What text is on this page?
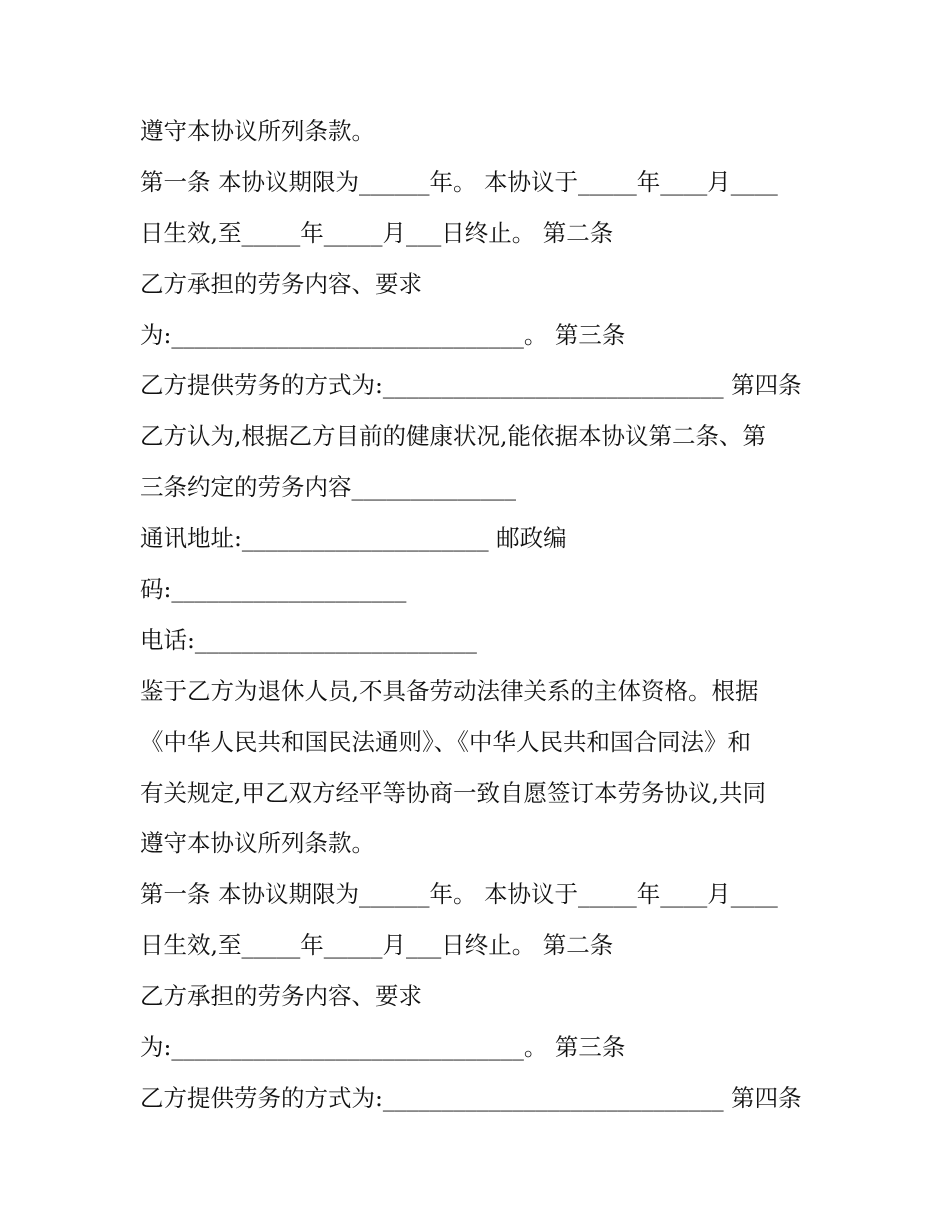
遵守本协议所列条款。
第一条 本协议期限为______年。 本协议于_____年____月____
日生效,至_____年_____月___日终止。 第二条
乙方承担的劳务内容、要求
为:______________________________。 第三条
乙方提供劳务的方式为:_____________________________ 第四条
乙方认为,根据乙方目前的健康状况,能依据本协议第二条、第
三条约定的劳务内容______________
通讯地址:_____________________ 邮政编
码:____________________
电话:________________________
鉴于乙方为退休人员,不具备劳动法律关系的主体资格。根据
《中华人民共和国民法通则》、《中华人民共和国合同法》和
有关规定,甲乙双方经平等协商一致自愿签订本劳务协议,共同
遵守本协议所列条款。
第一条 本协议期限为______年。 本协议于_____年____月____
日生效,至_____年_____月___日终止。 第二条
乙方承担的劳务内容、要求
为:______________________________。 第三条
乙方提供劳务的方式为:_____________________________ 第四条
